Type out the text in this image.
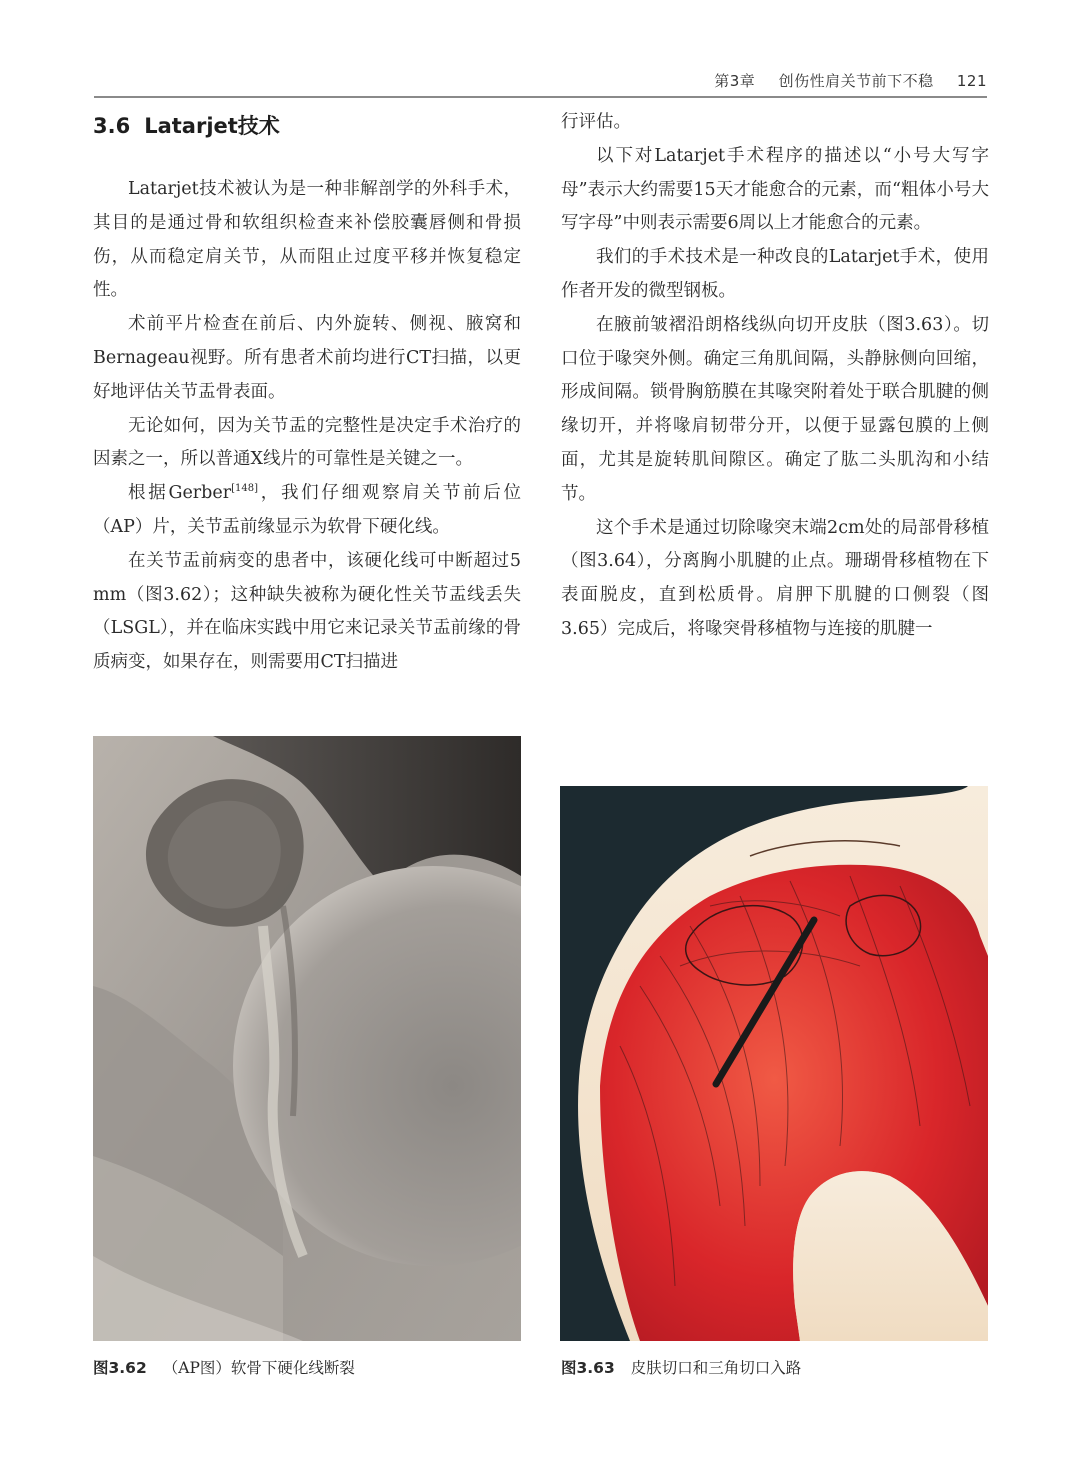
第3章 创伤性肩关节前下不稳 121
3.6 Latarjet技术

Latarjet技术被认为是一种非解剖学的外科手术，其目的是通过骨和软组织检查来补偿胶囊唇侧和骨损伤，从而稳定肩关节，从而阻止过度平移并恢复稳定性。

术前平片检查在前后、内外旋转、侧视、腋窝和Bernageau视野。所有患者术前均进行CT扫描，以更好地评估关节盂骨表面。

无论如何，因为关节盂的完整性是决定手术治疗的因素之一，所以普通X线片的可靠性是关键之一。

根据Gerber[148]，我们仔细观察肩关节前后位（AP）片，关节盂前缘显示为软骨下硬化线。

在关节盂前病变的患者中，该硬化线可中断超过5 mm（图3.62）；这种缺失被称为硬化性关节盂线丢失（LSGL），并在临床实践中用它来记录关节盂前缘的骨质病变，如果存在，则需要用CT扫描进

行评估。

以下对Latarjet手术程序的描述以“小号大写字母”表示大约需要15天才能愈合的元素，而“粗体小号大写字母”中则表示需要6周以上才能愈合的元素。

我们的手术技术是一种改良的Latarjet手术，使用作者开发的微型钢板。

在腋前皱褶沿朗格线纵向切开皮肤（图3.63）。切口位于喙突外侧。确定三角肌间隔，头静脉侧向回缩，形成间隔。锁骨胸筋膜在其喙突附着处于联合肌腱的侧缘切开，并将喙肩韧带分开，以便于显露包膜的上侧面，尤其是旋转肌间隙区。确定了肱二头肌沟和小结节。

这个手术是通过切除喙突末端2cm处的局部骨移植（图3.64），分离胸小肌腱的止点。珊瑚骨移植物在下表面脱皮，直到松质骨。肩胛下肌腱的口侧裂（图3.65）完成后，将喙突骨移植物与连接的肌腱一

图3.62 （AP图）软骨下硬化线断裂	图3.63 皮肤切口和三角切口入路
